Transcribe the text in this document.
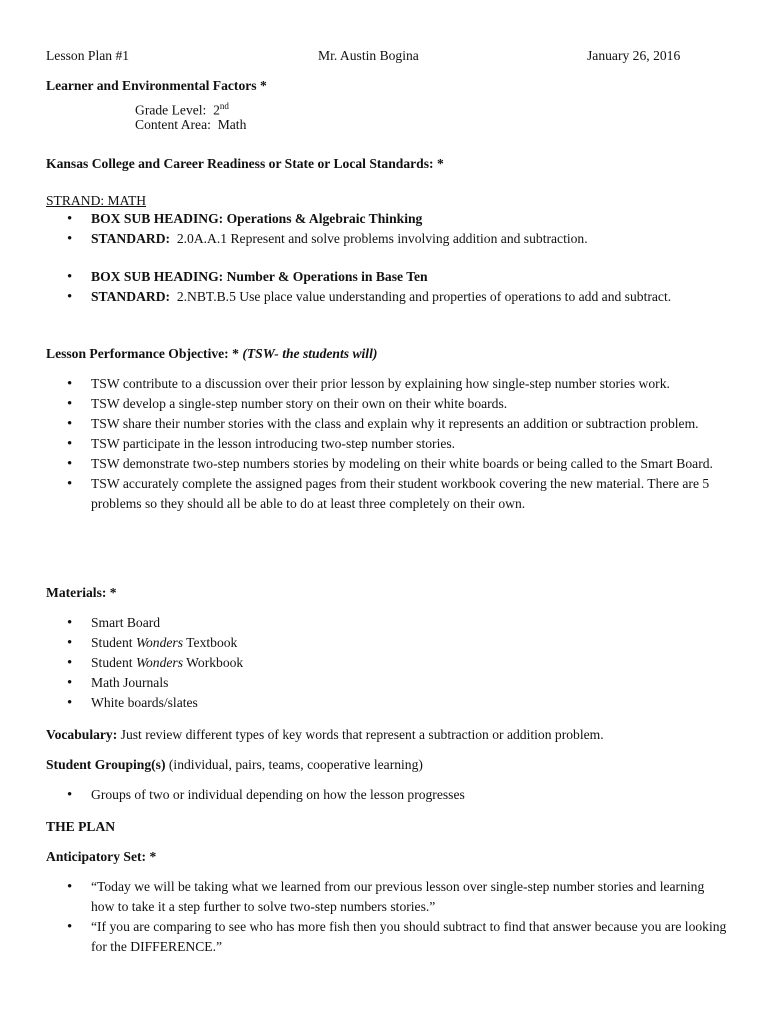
Lesson Plan #1	Mr. Austin Bogina	January 26, 2016
Learner and Environmental Factors *
Grade Level: 2nd
Content Area: Math
Kansas College and Career Readiness or State or Local Standards: *
STRAND: MATH
• BOX SUB HEADING: Operations & Algebraic Thinking
• STANDARD: 2.0A.A.1 Represent and solve problems involving addition and subtraction.
• BOX SUB HEADING: Number & Operations in Base Ten
• STANDARD: 2.NBT.B.5 Use place value understanding and properties of operations to add and subtract.
Lesson Performance Objective: * (TSW- the students will)
• TSW contribute to a discussion over their prior lesson by explaining how single-step number stories work.
• TSW develop a single-step number story on their own on their white boards.
• TSW share their number stories with the class and explain why it represents an addition or subtraction problem.
• TSW participate in the lesson introducing two-step number stories.
• TSW demonstrate two-step numbers stories by modeling on their white boards or being called to the Smart Board.
• TSW accurately complete the assigned pages from their student workbook covering the new material. There are 5 problems so they should all be able to do at least three completely on their own.
Materials: *
• Smart Board
• Student Wonders Textbook
• Student Wonders Workbook
• Math Journals
• White boards/slates
Vocabulary: Just review different types of key words that represent a subtraction or addition problem.
Student Grouping(s) (individual, pairs, teams, cooperative learning)
• Groups of two or individual depending on how the lesson progresses
THE PLAN
Anticipatory Set: *
• “Today we will be taking what we learned from our previous lesson over single-step number stories and learning how to take it a step further to solve two-step numbers stories.”
• “If you are comparing to see who has more fish then you should subtract to find that answer because you are looking for the DIFFERENCE.”
